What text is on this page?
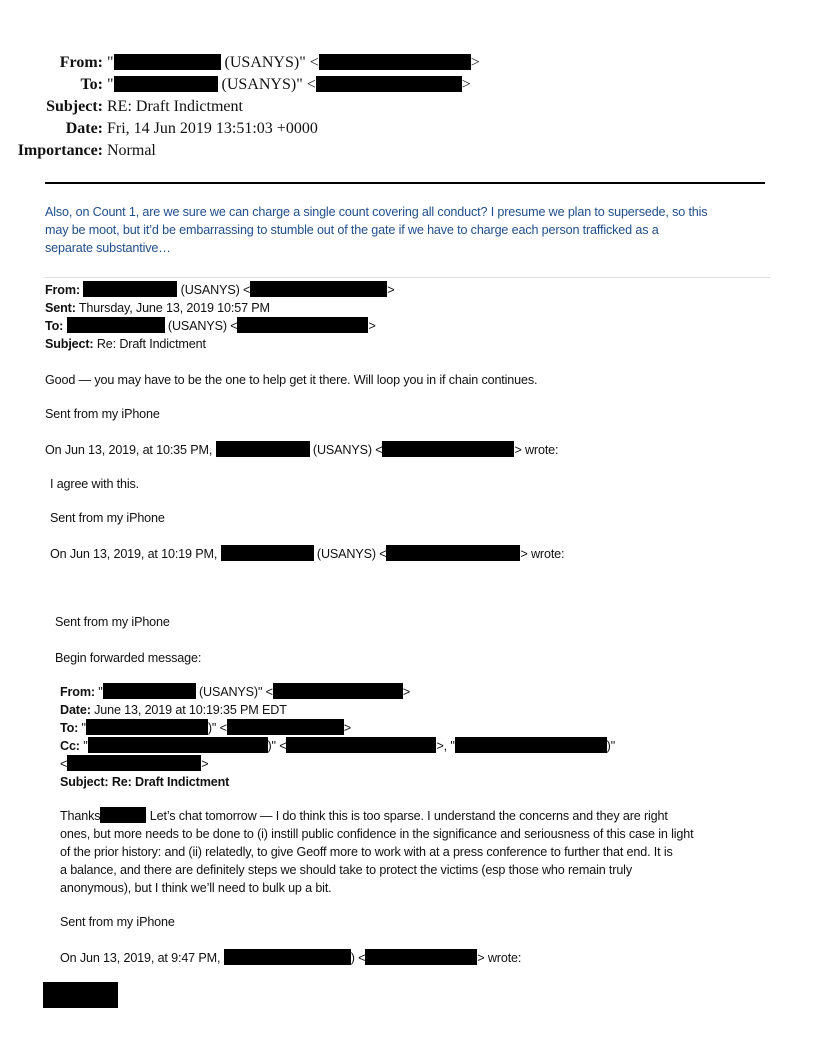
From: "	(USANYS)" <	>
To: "	(USANYS)" <	>
Subject: RE: Draft Indictment
Date: Fri, 14 Jun 2019 13:51:03 +0000
Importance: Normal
Also, on Count 1, are we sure we can charge a single count covering all conduct? I presume we plan to supersede, so this
may be moot, but it’d be embarrassing to stumble out of the gate if we have to charge each person trafficked as a
separate substantive…
From:	(USANYS) <	>
Sent: Thursday, June 13, 2019 10:57 PM
To:	(USANYS) <	>
Subject: Re: Draft Indictment
Good — you may have to be the one to help get it there. Will loop you in if chain continues.
Sent from my iPhone
On Jun 13, 2019, at 10:35 PM,	(USANYS) <	> wrote:
I agree with this.
Sent from my iPhone
On Jun 13, 2019, at 10:19 PM,	(USANYS) <	> wrote:
Sent from my iPhone
Begin forwarded message:
From: "	(USANYS)" <	>
Date: June 13, 2019 at 10:19:35 PM EDT
To: "	)" <	>
Cc: "	)" <	>, "	)"
<	>
Subject: Re: Draft Indictment
Thanks	Let’s chat tomorrow — I do think this is too sparse. I understand the concerns and they are right
ones, but more needs to be done to (i) instill public confidence in the significance and seriousness of this case in light
of the prior history: and (ii) relatedly, to give Geoff more to work with at a press conference to further that end. It is
a balance, and there are definitely steps we should take to protect the victims (esp those who remain truly
anonymous), but I think we’ll need to bulk up a bit.
Sent from my iPhone
On Jun 13, 2019, at 9:47 PM,	) <	> wrote:
